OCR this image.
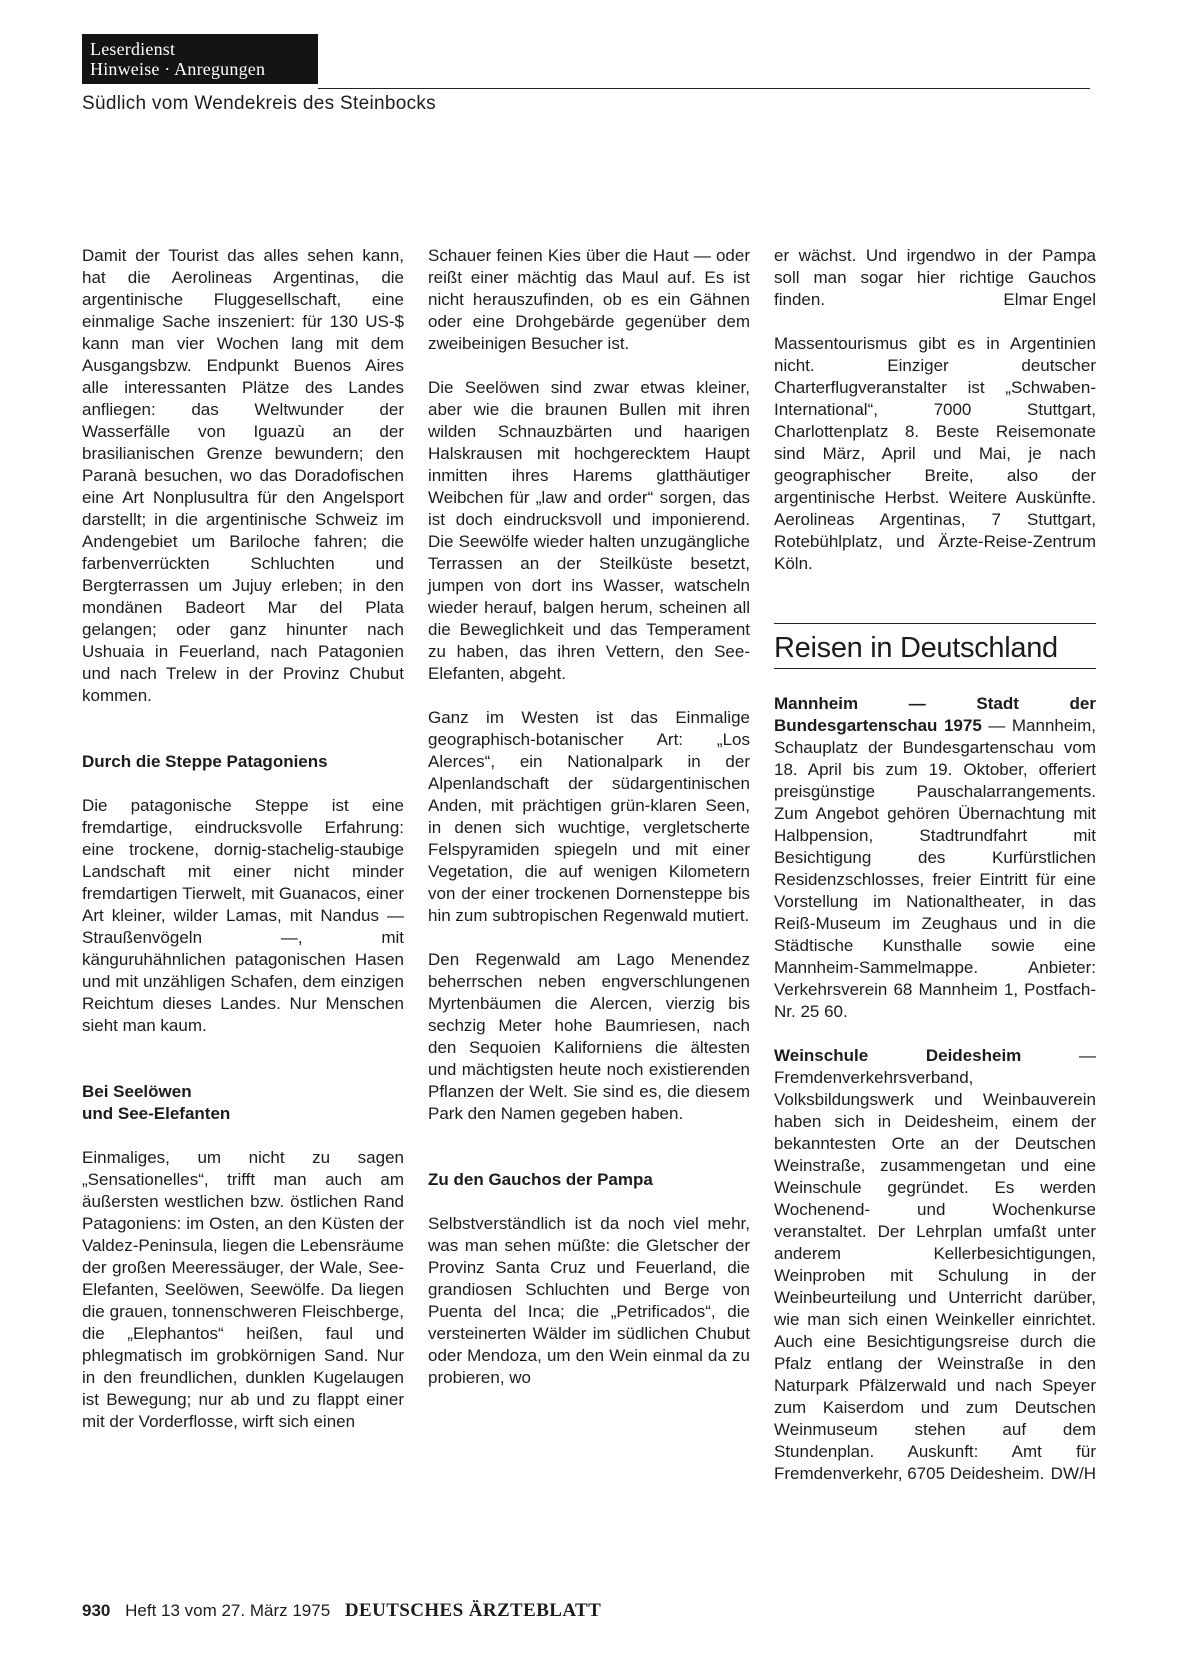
Leserdienst
Hinweise · Anregungen
Südlich vom Wendekreis des Steinbocks

Damit der Tourist das alles sehen kann, hat die Aerolineas Argentinas, die argentinische Fluggesellschaft, eine einmalige Sache inszeniert: für 130 US-$ kann man vier Wochen lang mit dem Ausgangsbzw. Endpunkt Buenos Aires alle interessanten Plätze des Landes anfliegen: das Weltwunder der Wasserfälle von Iguazù an der brasilianischen Grenze bewundern; den Paranà besuchen, wo das Doradofischen eine Art Nonplusultra für den Angelsport darstellt; in die argentinische Schweiz im Andengebiet um Bariloche fahren; die farbenverrückten Schluchten und Bergterrassen um Jujuy erleben; in den mondänen Badeort Mar del Plata gelangen; oder ganz hinunter nach Ushuaia in Feuerland, nach Patagonien und nach Trelew in der Provinz Chubut kommen.

Durch die Steppe Patagoniens

Die patagonische Steppe ist eine fremdartige, eindrucksvolle Erfahrung: eine trockene, dornig-stachelig-staubige Landschaft mit einer nicht minder fremdartigen Tierwelt, mit Guanacos, einer Art kleiner, wilder Lamas, mit Nandus — Straußenvögeln —, mit känguruhähnlichen patagonischen Hasen und mit unzähligen Schafen, dem einzigen Reichtum dieses Landes. Nur Menschen sieht man kaum.

Bei Seelöwen
und See-Elefanten

Einmaliges, um nicht zu sagen „Sensationelles“, trifft man auch am äußersten westlichen bzw. östlichen Rand Patagoniens: im Osten, an den Küsten der Valdez-Peninsula, liegen die Lebensräume der großen Meeressäuger, der Wale, See-Elefanten, Seelöwen, Seewölfe. Da liegen die grauen, tonnenschweren Fleischberge, die „Elephantos“ heißen, faul und phlegmatisch im grobkörnigen Sand. Nur in den freundlichen, dunklen Kugelaugen ist Bewegung; nur ab und zu flappt einer mit der Vorderflosse, wirft sich einen

Schauer feinen Kies über die Haut — oder reißt einer mächtig das Maul auf. Es ist nicht herauszufinden, ob es ein Gähnen oder eine Drohgebärde gegenüber dem zweibeinigen Besucher ist.

Die Seelöwen sind zwar etwas kleiner, aber wie die braunen Bullen mit ihren wilden Schnauzbärten und haarigen Halskrausen mit hochgerecktem Haupt inmitten ihres Harems glatthäutiger Weibchen für „law and order“ sorgen, das ist doch eindrucksvoll und imponierend. Die Seewölfe wieder halten unzugängliche Terrassen an der Steilküste besetzt, jumpen von dort ins Wasser, watscheln wieder herauf, balgen herum, scheinen all die Beweglichkeit und das Temperament zu haben, das ihren Vettern, den See-Elefanten, abgeht.

Ganz im Westen ist das Einmalige geographisch-botanischer Art: „Los Alerces“, ein Nationalpark in der Alpenlandschaft der südargentinischen Anden, mit prächtigen grün-klaren Seen, in denen sich wuchtige, vergletscherte Felspyramiden spiegeln und mit einer Vegetation, die auf wenigen Kilometern von der einer trockenen Dornensteppe bis hin zum subtropischen Regenwald mutiert.

Den Regenwald am Lago Menendez beherrschen neben engverschlungenen Myrtenbäumen die Alercen, vierzig bis sechzig Meter hohe Baumriesen, nach den Sequoien Kaliforniens die ältesten und mächtigsten heute noch existierenden Pflanzen der Welt. Sie sind es, die diesem Park den Namen gegeben haben.

Zu den Gauchos der Pampa

Selbstverständlich ist da noch viel mehr, was man sehen müßte: die Gletscher der Provinz Santa Cruz und Feuerland, die grandiosen Schluchten und Berge von Puenta del Inca; die „Petrificados“, die versteinerten Wälder im südlichen Chubut oder Mendoza, um den Wein einmal da zu probieren, wo

er wächst. Und irgendwo in der Pampa soll man sogar hier richtige Gauchos finden.	Elmar Engel

Massentourismus gibt es in Argentinien nicht. Einziger deutscher Charterflugveranstalter ist „Schwaben-International“, 7000 Stuttgart, Charlottenplatz 8. Beste Reisemonate sind März, April und Mai, je nach geographischer Breite, also der argentinische Herbst. Weitere Auskünfte. Aerolineas Argentinas, 7 Stuttgart, Rotebühlplatz, und Ärzte-Reise-Zentrum Köln.

Reisen in Deutschland

Mannheim — Stadt der Bundesgartenschau 1975 — Mannheim, Schauplatz der Bundesgartenschau vom 18. April bis zum 19. Oktober, offeriert preisgünstige Pauschalarrangements. Zum Angebot gehören Übernachtung mit Halbpension, Stadtrundfahrt mit Besichtigung des Kurfürstlichen Residenzschlosses, freier Eintritt für eine Vorstellung im Nationaltheater, in das Reiß-Museum im Zeughaus und in die Städtische Kunsthalle sowie eine Mannheim-Sammelmappe. Anbieter: Verkehrsverein 68 Mannheim 1, Postfach-Nr. 25 60.

Weinschule Deidesheim — Fremdenverkehrsverband, Volksbildungswerk und Weinbauverein haben sich in Deidesheim, einem der bekanntesten Orte an der Deutschen Weinstraße, zusammengetan und eine Weinschule gegründet. Es werden Wochenend- und Wochenkurse veranstaltet. Der Lehrplan umfaßt unter anderem Kellerbesichtigungen, Weinproben mit Schulung in der Weinbeurteilung und Unterricht darüber, wie man sich einen Weinkeller einrichtet. Auch eine Besichtigungsreise durch die Pfalz entlang der Weinstraße in den Naturpark Pfälzerwald und nach Speyer zum Kaiserdom und zum Deutschen Weinmuseum stehen auf dem Stundenplan. Auskunft: Amt für Fremdenverkehr, 6705 Deidesheim. DW/H

930 Heft 13 vom 27. März 1975 DEUTSCHES ÄRZTEBLATT
